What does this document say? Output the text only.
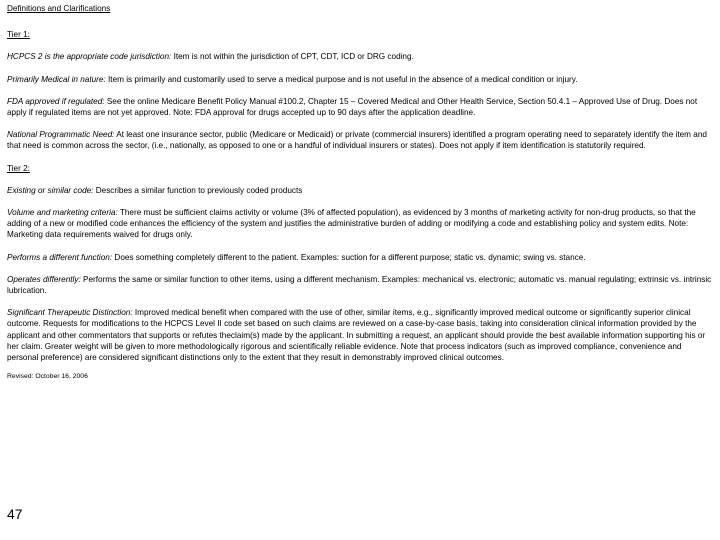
Definitions and Clarifications

Tier 1:

HCPCS 2 is the appropriate code jurisdiction: Item is not within the jurisdiction of CPT, CDT, ICD or DRG coding.

Primarily Medical in nature: Item is primarily and customarily used to serve a medical purpose and is not useful in the absence of a medical condition or injury.

FDA approved if regulated: See the online Medicare Benefit Policy Manual #100.2, Chapter 15 – Covered Medical and Other Health Service, Section 50.4.1 – Approved Use of Drug. Does not apply if regulated items are not yet approved. Note: FDA approval for drugs accepted up to 90 days after the application deadline.

National Programmatic Need: At least one insurance sector, public (Medicare or Medicaid) or private (commercial insurers) identified a program operating need to separately identify the item and that need is common across the sector, (i.e., nationally, as opposed to one or a handful of individual insurers or states). Does not apply if item identification is statutorily required.

Tier 2:

Existing or similar code: Describes a similar function to previously coded products

Volume and marketing criteria: There must be sufficient claims activity or volume (3% of affected population), as evidenced by 3 months of marketing activity for non-drug products, so that the adding of a new or modified code enhances the efficiency of the system and justifies the administrative burden of adding or modifying a code and establishing policy and system edits. Note: Marketing data requirements waived for drugs only.

Performs a different function: Does something completely different to the patient. Examples: suction for a different purpose; static vs. dynamic; swing vs. stance.

Operates differently: Performs the same or similar function to other items, using a different mechanism. Examples: mechanical vs. electronic; automatic vs. manual regulating; extrinsic vs. intrinsic lubrication.

Significant Therapeutic Distinction: Improved medical benefit when compared with the use of other, similar items, e.g., significantly improved medical outcome or significantly superior clinical outcome. Requests for modifications to the HCPCS Level II code set based on such claims are reviewed on a case-by-case basis, taking into consideration clinical information provided by the applicant and other commentators that supports or refutes theclaim(s) made by the applicant. In submitting a request, an applicant should provide the best available information supporting his or her claim. Greater weight will be given to more methodologically rigorous and scientifically reliable evidence. Note that process indicators (such as improved compliance, convenience and personal preference) are considered significant distinctions only to the extent that they result in demonstrably improved clinical outcomes.

Revised: October 16, 2006

47
